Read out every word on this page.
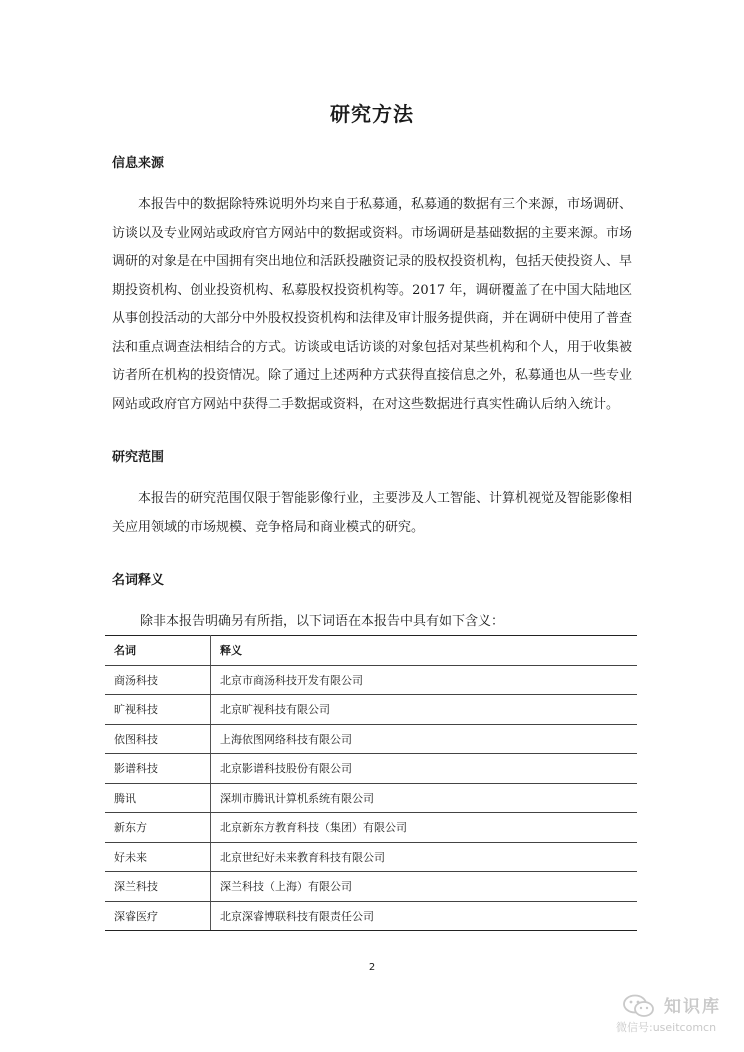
研究方法
信息来源

本报告中的数据除特殊说明外均来自于私募通，私募通的数据有三个来源，市场调研、访谈以及专业网站或政府官方网站中的数据或资料。市场调研是基础数据的主要来源。市场调研的对象是在中国拥有突出地位和活跃投融资记录的股权投资机构，包括天使投资人、早期投资机构、创业投资机构、私募股权投资机构等。2017 年，调研覆盖了在中国大陆地区从事创投活动的大部分中外股权投资机构和法律及审计服务提供商，并在调研中使用了普查法和重点调查法相结合的方式。访谈或电话访谈的对象包括对某些机构和个人，用于收集被访者所在机构的投资情况。除了通过上述两种方式获得直接信息之外，私募通也从一些专业网站或政府官方网站中获得二手数据或资料，在对这些数据进行真实性确认后纳入统计。

研究范围

本报告的研究范围仅限于智能影像行业，主要涉及人工智能、计算机视觉及智能影像相关应用领域的市场规模、竞争格局和商业模式的研究。

名词释义

除非本报告明确另有所指，以下词语在本报告中具有如下含义：

名词	释义
商汤科技	北京市商汤科技开发有限公司
旷视科技	北京旷视科技有限公司
依图科技	上海依图网络科技有限公司
影谱科技	北京影谱科技股份有限公司
腾讯	深圳市腾讯计算机系统有限公司
新东方	北京新东方教育科技（集团）有限公司
好未来	北京世纪好未来教育科技有限公司
深兰科技	深兰科技（上海）有限公司
深睿医疗	北京深睿博联科技有限责任公司
2
知识库
微信号:useitcomcn
